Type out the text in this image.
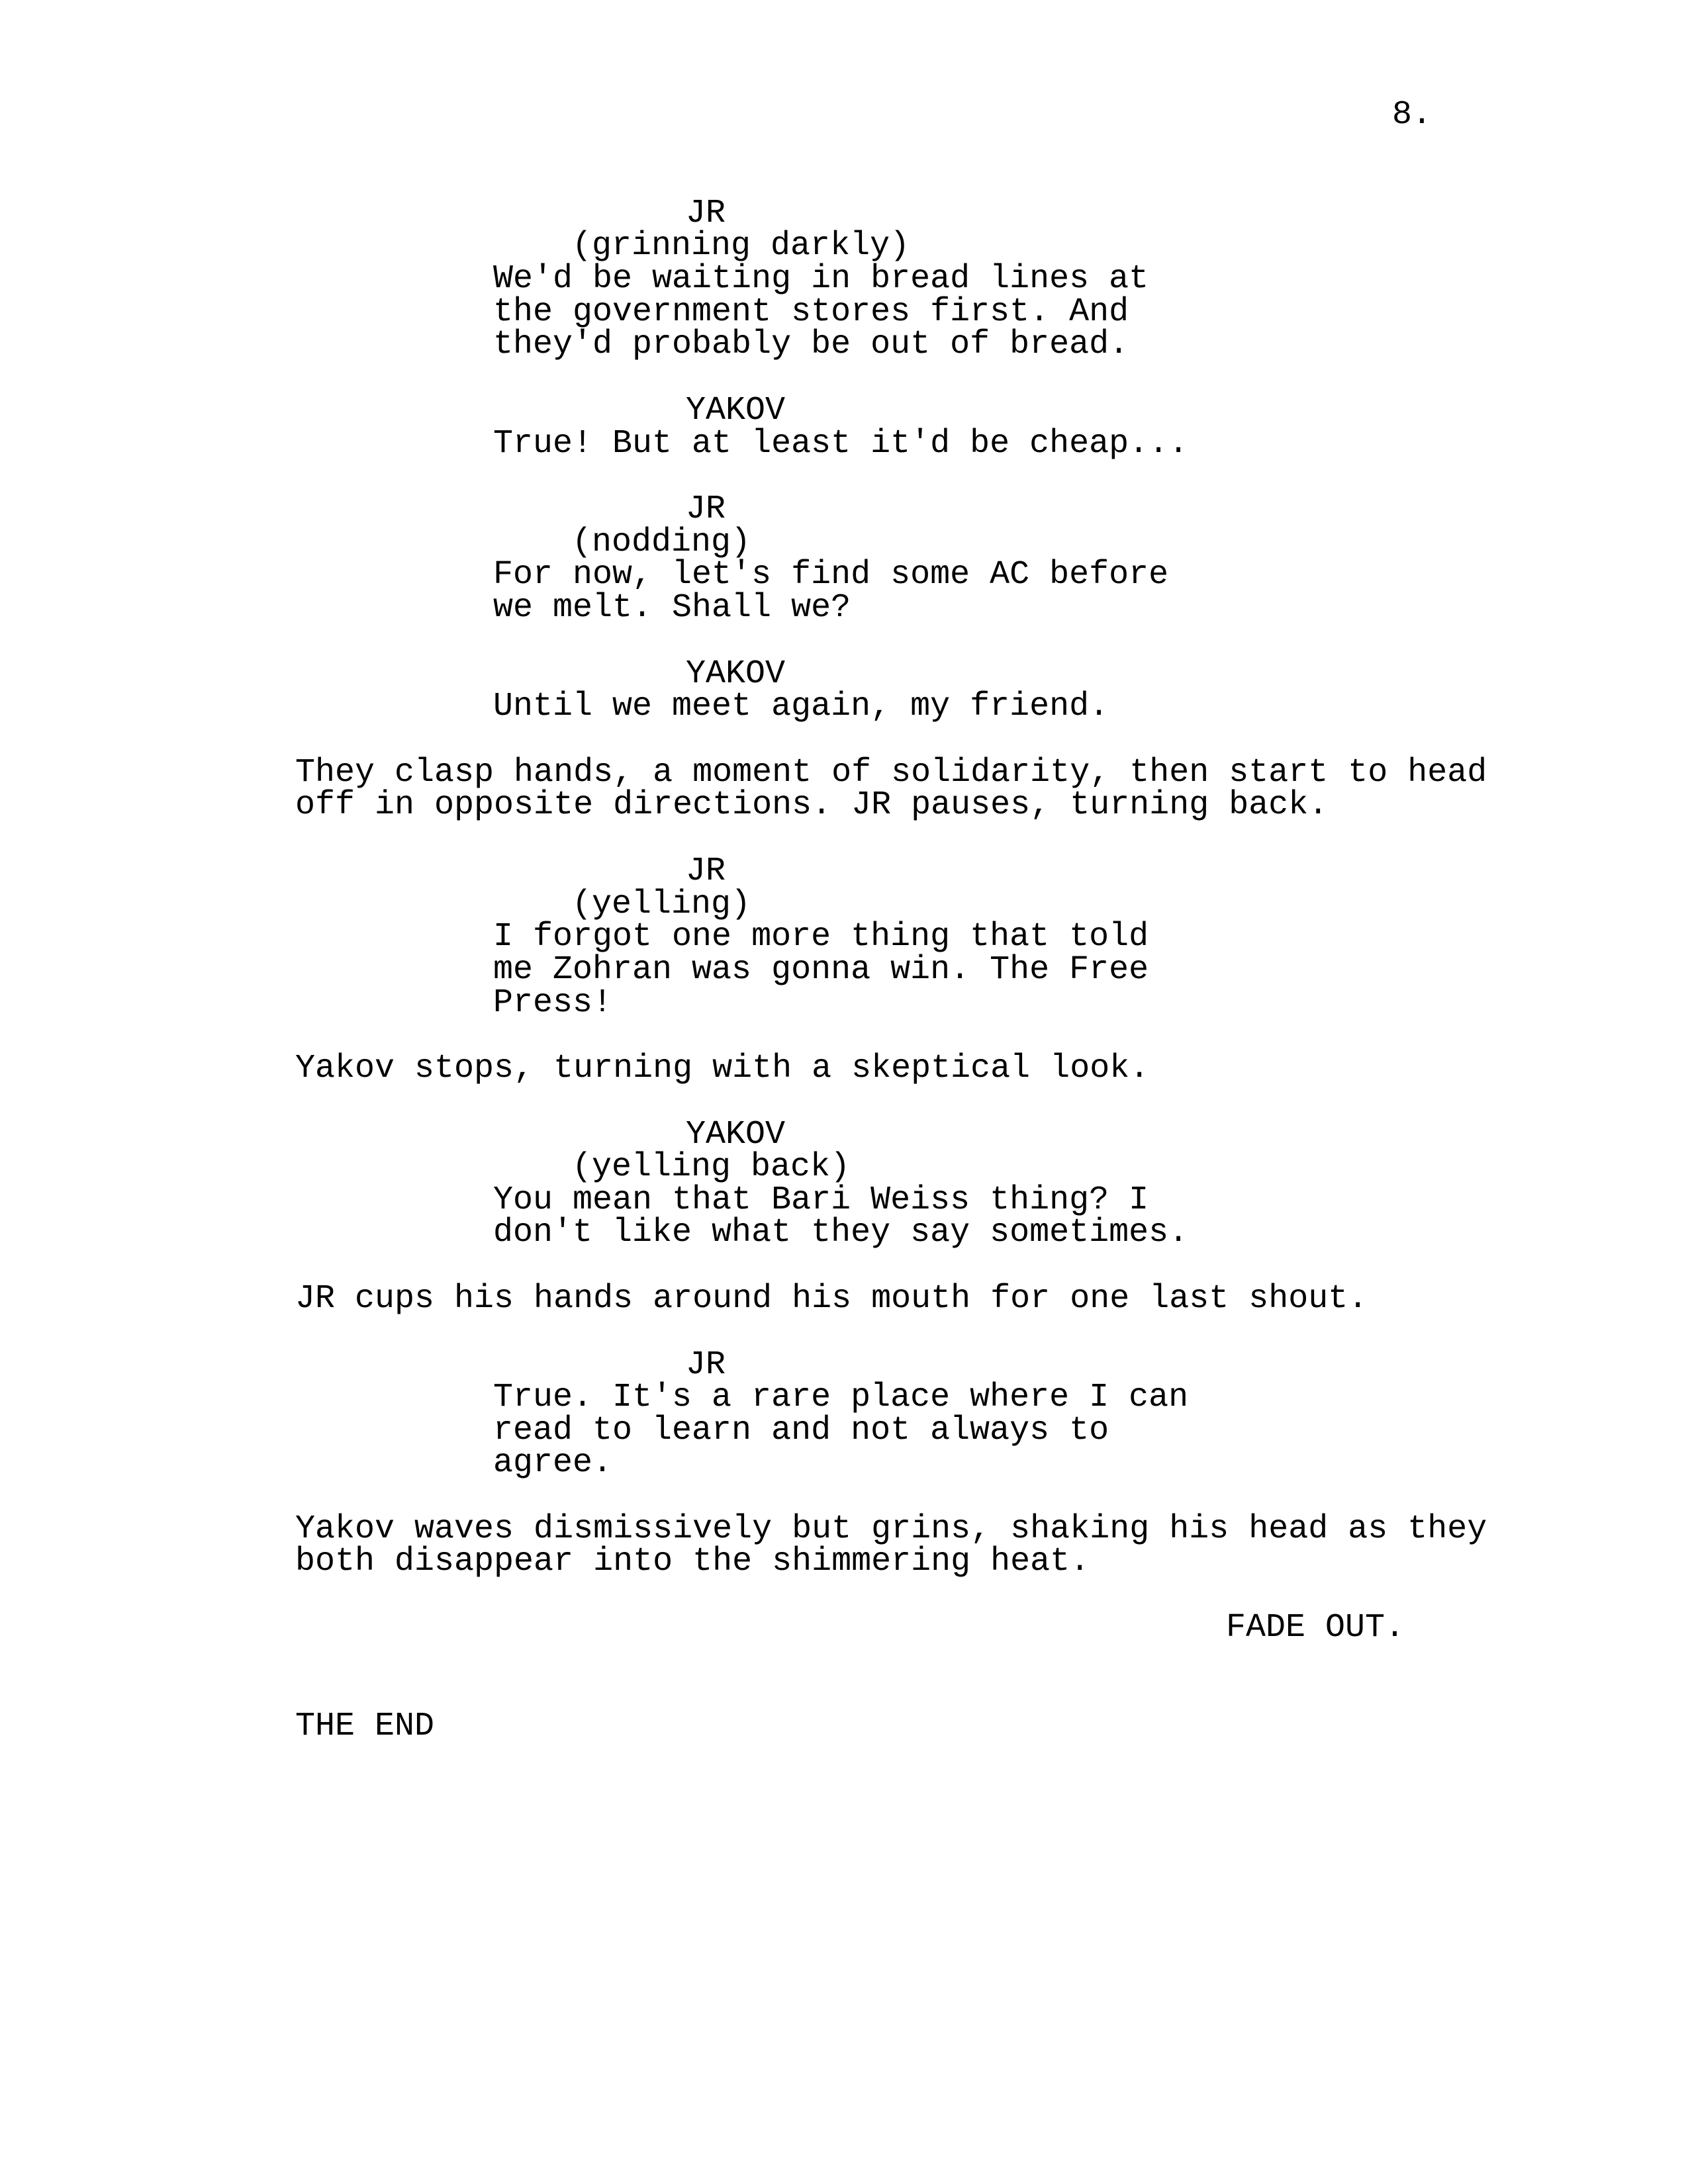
8.
JR
(grinning darkly)
We'd be waiting in bread lines at
the government stores first. And
they'd probably be out of bread.
YAKOV
True! But at least it'd be cheap...
JR
(nodding)
For now, let's find some AC before
we melt. Shall we?
YAKOV
Until we meet again, my friend.
They clasp hands, a moment of solidarity, then start to head
off in opposite directions. JR pauses, turning back.
JR
(yelling)
I forgot one more thing that told
me Zohran was gonna win. The Free
Press!
Yakov stops, turning with a skeptical look.
YAKOV
(yelling back)
You mean that Bari Weiss thing? I
don't like what they say sometimes.
JR cups his hands around his mouth for one last shout.
JR
True. It's a rare place where I can
read to learn and not always to
agree.
Yakov waves dismissively but grins, shaking his head as they
both disappear into the shimmering heat.
FADE OUT.
THE END
